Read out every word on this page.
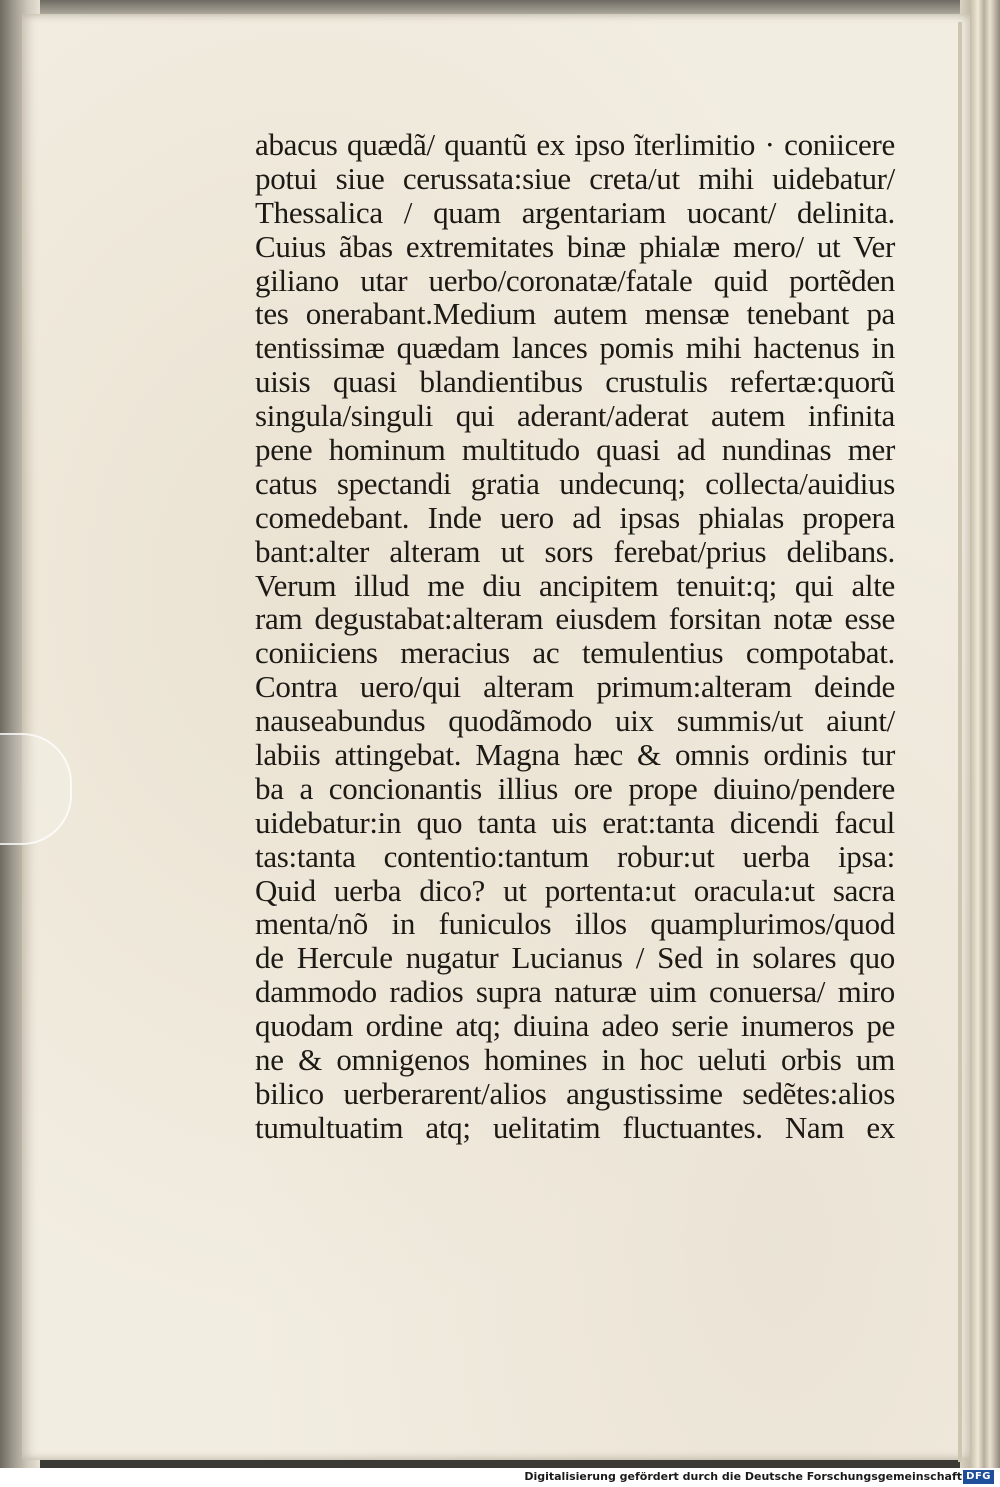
abacus quædã/ quantũ ex ipso ĩterlimitio · coniicere
potui siue cerussata:siue creta/ut mihi uidebatur/
Thessalica / quam argentariam uocant/ delinita.
Cuius ãbas extremitates binæ phialæ mero/ ut Ver
giliano utar uerbo/coronatæ/fatale quid portẽden
tes onerabant.Medium autem mensæ tenebant pa
tentissimæ quædam lances pomis mihi hactenus in
uisis quasi blandientibus crustulis refertæ:quorũ
singula/singuli qui aderant/aderat autem infinita
pene hominum multitudo quasi ad nundinas mer
catus spectandi gratia undecunq; collecta/auidius
comedebant. Inde uero ad ipsas phialas propera
bant:alter alteram ut sors ferebat/prius delibans.
Verum illud me diu ancipitem tenuit:q; qui alte
ram degustabat:alteram eiusdem forsitan notæ esse
coniiciens meracius ac temulentius compotabat.
Contra uero/qui alteram primum:alteram deinde
nauseabundus quodãmodo uix summis/ut aiunt/
labiis attingebat. Magna hæc & omnis ordinis tur
ba a concionantis illius ore prope diuino/pendere
uidebatur:in quo tanta uis erat:tanta dicendi facul
tas:tanta contentio:tantum robur:ut uerba ipsa:
Quid uerba dico? ut portenta:ut oracula:ut sacra
menta/nõ in funiculos illos quamplurimos/quod
de Hercule nugatur Lucianus / Sed in solares quo
dammodo radios supra naturæ uim conuersa/ miro
quodam ordine atq; diuina adeo serie inumeros pe
ne & omnigenos homines in hoc ueluti orbis um
bilico uerberarent/alios angustissime sedẽtes:alios
tumultuatim atq; uelitatim fluctuantes. Nam ex
Digitalisierung gefördert durch die Deutsche Forschungsgemeinschaft DFG
